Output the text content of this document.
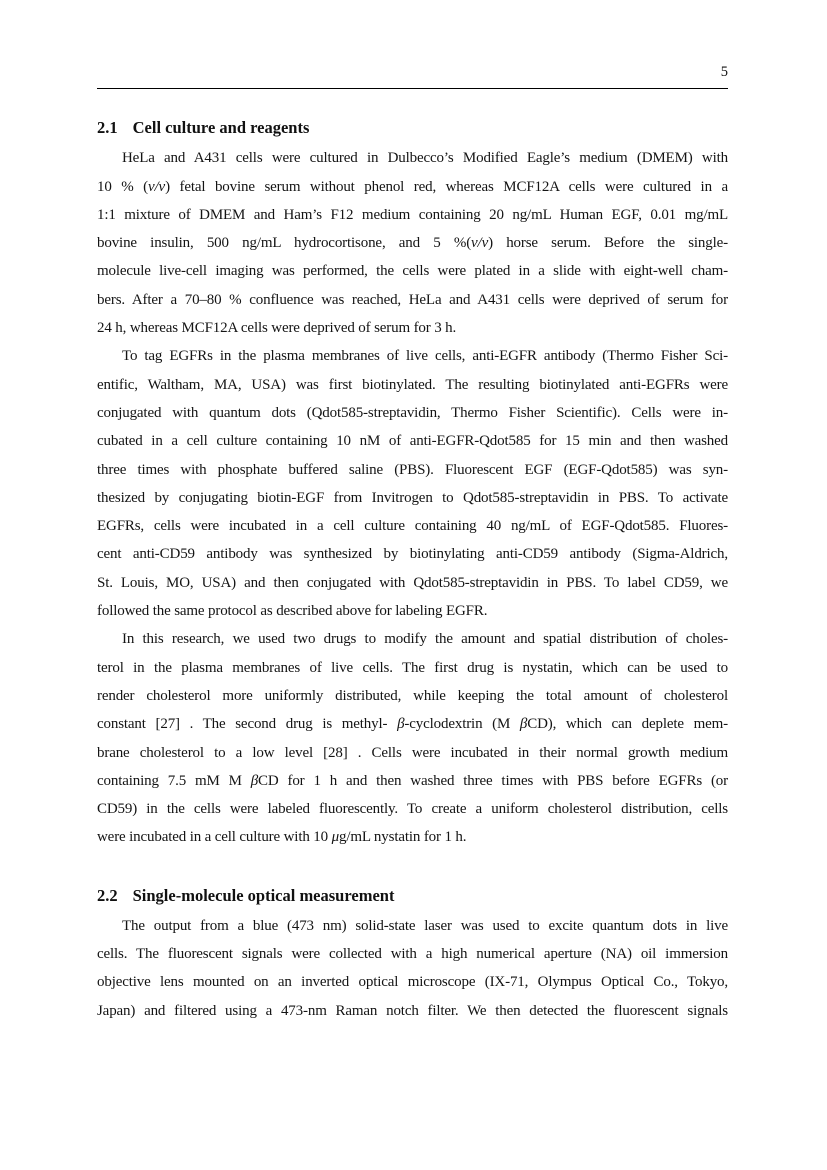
5
2.1 Cell culture and reagents
HeLa and A431 cells were cultured in Dulbecco’s Modified Eagle’s medium (DMEM) with
10 % (v/v) fetal bovine serum without phenol red, whereas MCF12A cells were cultured in a
1:1 mixture of DMEM and Ham’s F12 medium containing 20 ng/mL Human EGF, 0.01 mg/mL
bovine insulin, 500 ng/mL hydrocortisone, and 5 %(v/v) horse serum. Before the single-
molecule live-cell imaging was performed, the cells were plated in a slide with eight-well cham-
bers. After a 70–80 % confluence was reached, HeLa and A431 cells were deprived of serum for
24 h, whereas MCF12A cells were deprived of serum for 3 h.
To tag EGFRs in the plasma membranes of live cells, anti-EGFR antibody (Thermo Fisher Sci-
entific, Waltham, MA, USA) was first biotinylated. The resulting biotinylated anti-EGFRs were
conjugated with quantum dots (Qdot585-streptavidin, Thermo Fisher Scientific). Cells were in-
cubated in a cell culture containing 10 nM of anti-EGFR-Qdot585 for 15 min and then washed
three times with phosphate buffered saline (PBS). Fluorescent EGF (EGF-Qdot585) was syn-
thesized by conjugating biotin-EGF from Invitrogen to Qdot585-streptavidin in PBS. To activate
EGFRs, cells were incubated in a cell culture containing 40 ng/mL of EGF-Qdot585. Fluores-
cent anti-CD59 antibody was synthesized by biotinylating anti-CD59 antibody (Sigma-Aldrich,
St. Louis, MO, USA) and then conjugated with Qdot585-streptavidin in PBS. To label CD59, we
followed the same protocol as described above for labeling EGFR.
In this research, we used two drugs to modify the amount and spatial distribution of choles-
terol in the plasma membranes of live cells. The first drug is nystatin, which can be used to
render cholesterol more uniformly distributed, while keeping the total amount of cholesterol
constant [27] . The second drug is methyl- β-cyclodextrin (M βCD), which can deplete mem-
brane cholesterol to a low level [28] . Cells were incubated in their normal growth medium
containing 7.5 mM M βCD for 1 h and then washed three times with PBS before EGFRs (or
CD59) in the cells were labeled fluorescently. To create a uniform cholesterol distribution, cells
were incubated in a cell culture with 10 μg/mL nystatin for 1 h.
2.2 Single-molecule optical measurement
The output from a blue (473 nm) solid-state laser was used to excite quantum dots in live
cells. The fluorescent signals were collected with a high numerical aperture (NA) oil immersion
objective lens mounted on an inverted optical microscope (IX-71, Olympus Optical Co., Tokyo,
Japan) and filtered using a 473-nm Raman notch filter. We then detected the fluorescent signals
